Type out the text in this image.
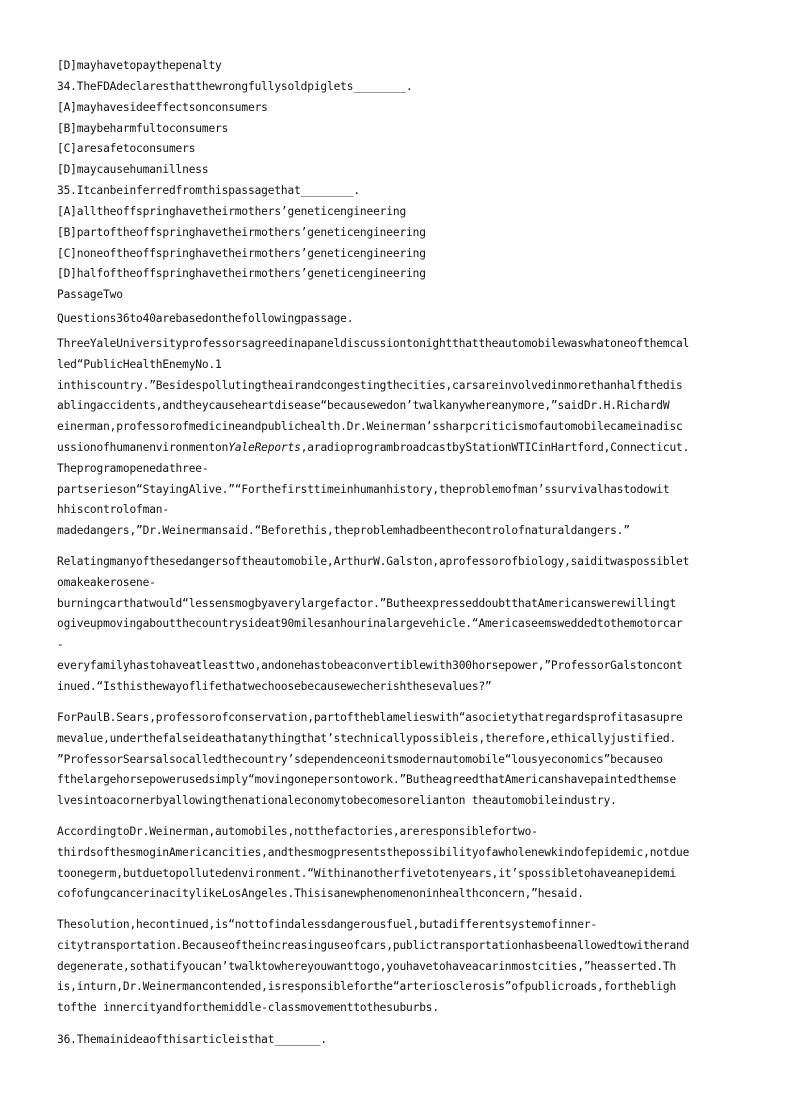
[D]mayhavetopaythepenalty
34.TheFDAdeclaresthatthewrongfullysoldpiglets________.
[A]mayhavesideeffectsonconsumers
[B]maybeharmfultoconsumers
[C]aresafetoconsumers
[D]maycausehumanillness
35.Itcanbeinferredfromthispassagethat________.
[A]alltheoffspringhavetheirmothers’geneticengineering
[B]partoftheoffspringhavetheirmothers’geneticengineering
[C]noneoftheoffspringhavetheirmothers’geneticengineering
[D]halfoftheoffspringhavetheirmothers’geneticengineering
PassageTwo
Questions36to40arebasedonthefollowingpassage.
ThreeYaleUniversityprofessorsagreedinapaneldiscussiontonightthattheautomobilewaswhatoneofthemcal
led“PublicHealthEnemyNo.1
inthiscountry.”Besidespollutingtheairandcongestingthecities,carsareinvolvedinmorethanhalfthedis
ablingaccidents,andtheycauseheartdisease“becausewedon’twalkanywhereanymore,”saidDr.H.RichardW
einerman,professorofmedicineandpublichealth.Dr.Weinerman’ssharpcriticismofautomobilecameinadisc
ussionofhumanenvironmentonYaleReports,aradioprogrambroadcastbyStationWTICinHartford,Connecticut.
Theprogramopenedathree-
partserieson“StayingAlive.”“Forthefirsttimeinhumanhistory,theproblemofman’ssurvivalhastodowit
hhiscontrolofman-
madedangers,”Dr.Weinermansaid.“Beforethis,theproblemhadbeenthecontrolofnaturaldangers.”
Relatingmanyofthesedangersoftheautomobile,ArthurW.Galston,aprofessorofbiology,saiditwaspossiblet
omakeakerosene-
burningcarthatwould“lessensmogbyaverylargefactor.”ButheexpresseddoubtthatAmericanswerewillingt
ogiveupmovingaboutthecountrysideat90milesanhourinalargevehicle.“Americaseemsweddedtothemotorcar
-
everyfamilyhastohaveatleasttwo,andonehastobeaconvertiblewith300horsepower,”ProfessorGalstoncont
inued.“Isthisthewayoflifethatwechoosebecausewecherishthesevalues?”
ForPaulB.Sears,professorofconservation,partoftheblamelieswith“asocietythatregardsprofitasasupre
mevalue,underthefalseideathatanythingthat’stechnicallypossibleis,therefore,ethicallyjustified.
”ProfessorSearsalsocalledthecountry’sdependenceonitsmodernautomobile“lousyeconomics”becauseo
fthelargehorsepowerusedsimply“movingonepersontowork.”ButheagreedthatAmericanshavepaintedthemse
lvesintoacornerbyallowingthenationaleconomytobecomesorelianton theautomobileindustry.
AccordingtoDr.Weinerman,automobiles,notthefactories,areresponsiblefortwo-
thirdsofthesmoginAmericancities,andthesmogpresentsthepossibilityofawholenewkindofepidemic,notdue
toonegerm,butduetopollutedenvironment.“Withinanotherfivetotenyears,it’spossibletohaveanepidemi
cofofungcancerinacitylikeLosAngeles.Thisisanewphenomenoninhealthconcern,”hesaid.
Thesolution,hecontinued,is“nottofindalessdangerousfuel,butadifferentsystemofinner-
citytransportation.Becauseoftheincreasinguseofcars,publictransportationhasbeenallowedtowitherand
degenerate,sothatifyoucan’twalktowhereyouwanttogo,youhavetohaveacarinmostcities,”heasserted.Th
is,inturn,Dr.Weinermancontended,isresponsibleforthe“arteriosclerosis”ofpublicroads,forthebligh
tofthe innercityandforthemiddle-classmovementtothesuburbs.
36.Themainideaofthisarticleisthat_______.
